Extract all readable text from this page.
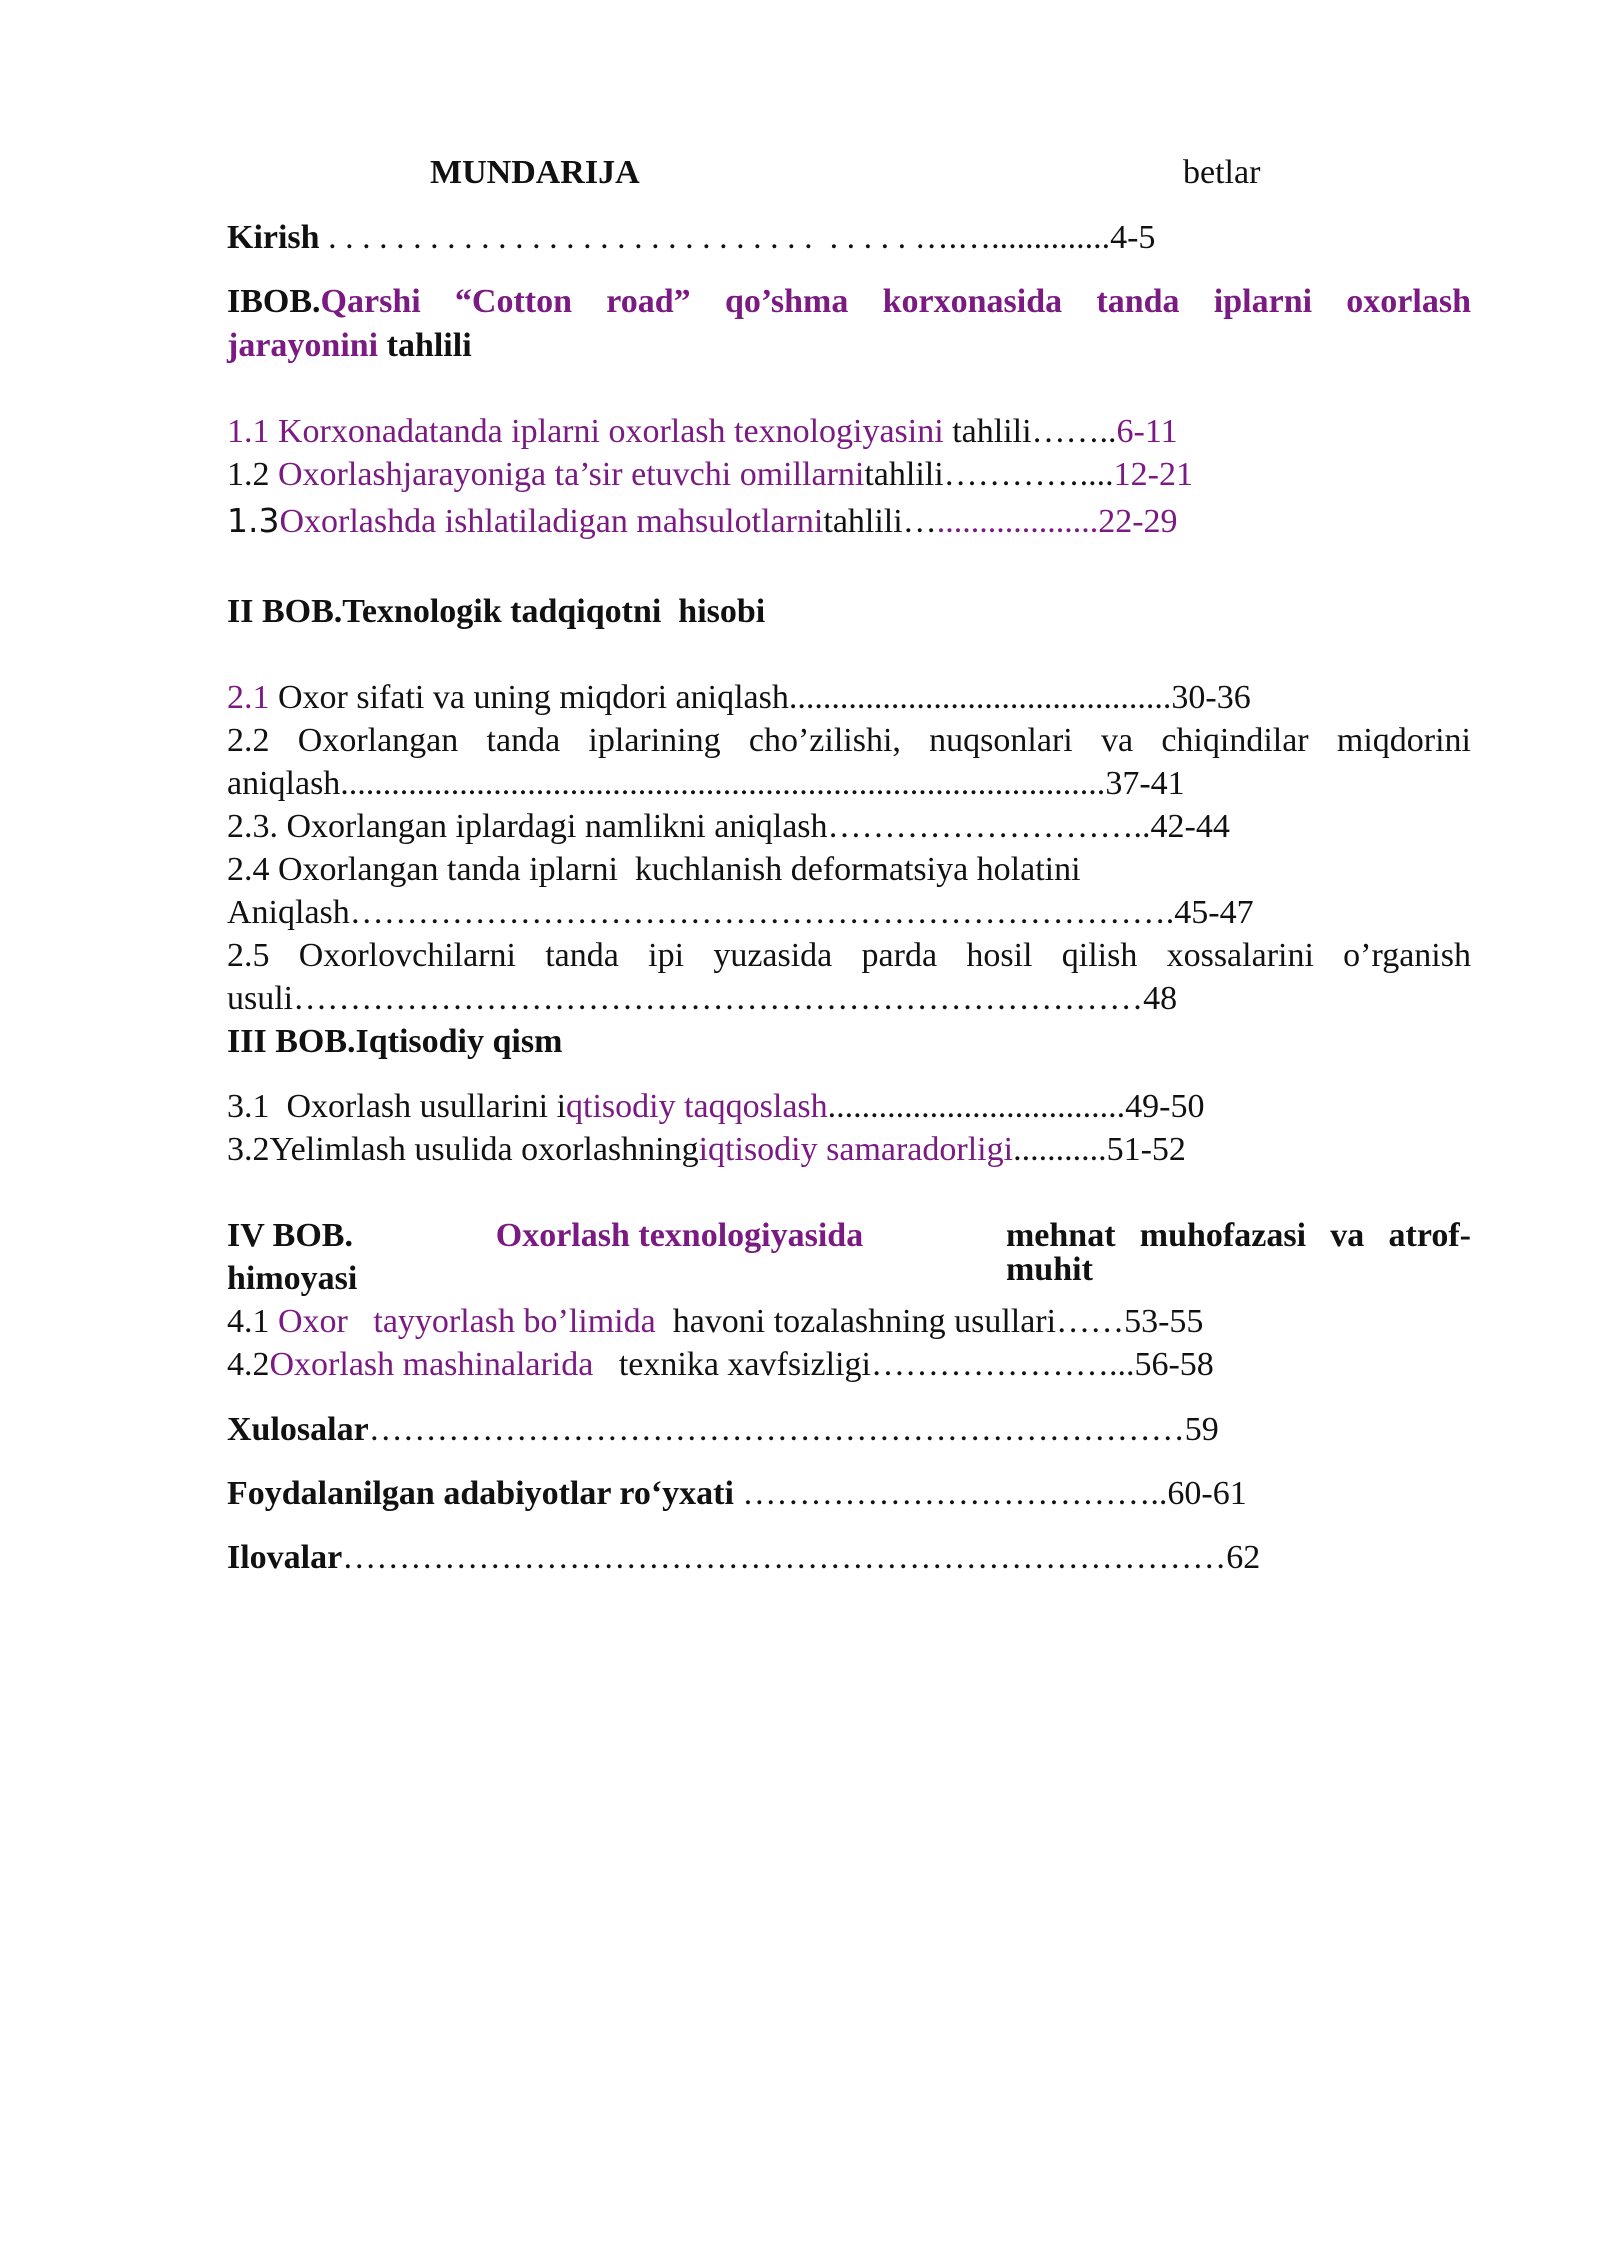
MUNDARIJA	betlar
Kirish . . . . . . . . . . . . . . . . . . . . . . . . . . . . .  . . . . . ….…..............4-5
IBOB.Qarshi “Cotton road” qo’shma korxonasida tanda iplarni oxorlash
jarayonini tahlili
1.1 Korxonadatanda iplarni oxorlash texnologiyasini tahlili……..6-11
1.2 Oxorlashjarayoniga ta’sir etuvchi omillarnitahlili…………....12-21
1.3Oxorlashda ishlatiladigan mahsulotlarnitahlili…...................22-29
II BOB.Texnologik tadqiqotni  hisobi
2.1 Oxor sifati va uning miqdori aniqlash.............................................30-36
2.2 Oxorlangan tanda iplarining cho’zilishi, nuqsonlari va chiqindilar miqdorini
aniqlash..........................................................................................37-41
2.3. Oxorlangan iplardagi namlikni aniqlash………………………..42-44
2.4 Oxorlangan tanda iplarni  kuchlanish deformatsiya holatini
Aniqlash……………………………………………………………….45-47
2.5 Oxorlovchilarni tanda ipi yuzasida parda hosil qilish xossalarini o’rganish
usuli…………………………………………………………………48
III BOB.Iqtisodiy qism
3.1  Oxorlash usullarini iqtisodiy taqqoslash...................................49-50
3.2Yelimlash usulida oxorlashningiqtisodiy samaradorligi...........51-52
IV BOB.	Oxorlash texnologiyasida	mehnat muhofazasi va atrof-muhit
himoyasi
4.1 Oxor   tayyorlash bo’limida  havoni tozalashning usullari……53-55
4.2Oxorlash mashinalarida   texnika xavfsizligi…………………...56-58
Xulosalar………………………………………………………………59
Foydalanilgan adabiyotlar ro‘yxati ………………………………..60-61
Ilovalar……………………………………………………………………62
